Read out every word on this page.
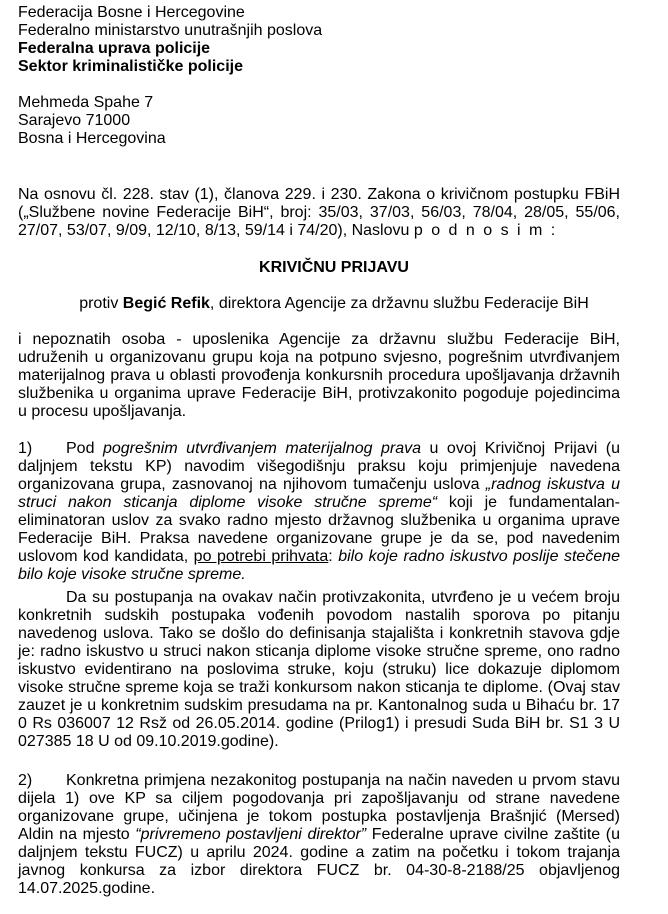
Federacija Bosne i Hercegovine
Federalno ministarstvo unutrašnjih poslova
Federalna uprava policije
Sektor kriminalističke policije
Mehmeda Spahe 7
Sarajevo 71000
Bosna i Hercegovina
Na osnovu čl. 228. stav (1), članova 229. i 230. Zakona o krivičnom postupku FBiH („Službene novine Federacije BiH“, broj: 35/03, 37/03, 56/03, 78/04, 28/05, 55/06, 27/07, 53/07, 9/09, 12/10, 8/13, 59/14 i 74/20), Naslovu p o d n o s i m :
KRIVIČNU PRIJAVU
protiv Begić Refik, direktora Agencije za državnu službu Federacije BiH
i nepoznatih osoba - uposlenika Agencije za državnu službu Federacije BiH, udruženih u organizovanu grupu koja na potpuno svjesno, pogrešnim utvrđivanjem materijalnog prava u oblasti provođenja konkursnih procedura upošljavanja državnih službenika u organima uprave Federacije BiH, protivzakonito pogoduje pojedincima u procesu upošljavanja.
1) Pod pogrešnim utvrđivanjem materijalnog prava u ovoj Krivičnoj Prijavi (u daljnjem tekstu KP) navodim višegodišnju praksu koju primjenjuje navedena organizovana grupa, zasnovanoj na njihovom tumačenju uslova „radnog iskustva u struci nakon sticanja diplome visoke stručne spreme“ koji je fundamentalan-eliminatoran uslov za svako radno mjesto državnog službenika u organima uprave Federacije BiH. Praksa navedene organizovane grupe je da se, pod navedenim uslovom kod kandidata, po potrebi prihvata: bilo koje radno iskustvo poslije stečene bilo koje visoke stručne spreme.
Da su postupanja na ovakav način protivzakonita, utvrđeno je u većem broju konkretnih sudskih postupaka vođenih povodom nastalih sporova po pitanju navedenog uslova. Tako se došlo do definisanja stajališta i konkretnih stavova gdje je: radno iskustvo u struci nakon sticanja diplome visoke stručne spreme, ono radno iskustvo evidentirano na poslovima struke, koju (struku) lice dokazuje diplomom visoke stručne spreme koja se traži konkursom nakon sticanja te diplome. (Ovaj stav zauzet je u konkretnim sudskim presudama na pr. Kantonalnog suda u Bihaću br. 17 0 Rs 036007 12 Rsž od 26.05.2014. godine (Prilog1) i presudi Suda BiH br. S1 3 U 027385 18 U od 09.10.2019.godine).
2) Konkretna primjena nezakonitog postupanja na način naveden u prvom stavu dijela 1) ove KP sa ciljem pogodovanja pri zapošljavanju od strane navedene organizovane grupe, učinjena je tokom postupka postavljenja Brašnjić (Mersed) Aldin na mjesto “privremeno postavljeni direktor” Federalne uprave civilne zaštite (u daljnjem tekstu FUCZ) u aprilu 2024. godine a zatim na početku i tokom trajanja javnog konkursa za izbor direktora FUCZ br. 04-30-8-2188/25 objavljenog 14.07.2025.godine.
